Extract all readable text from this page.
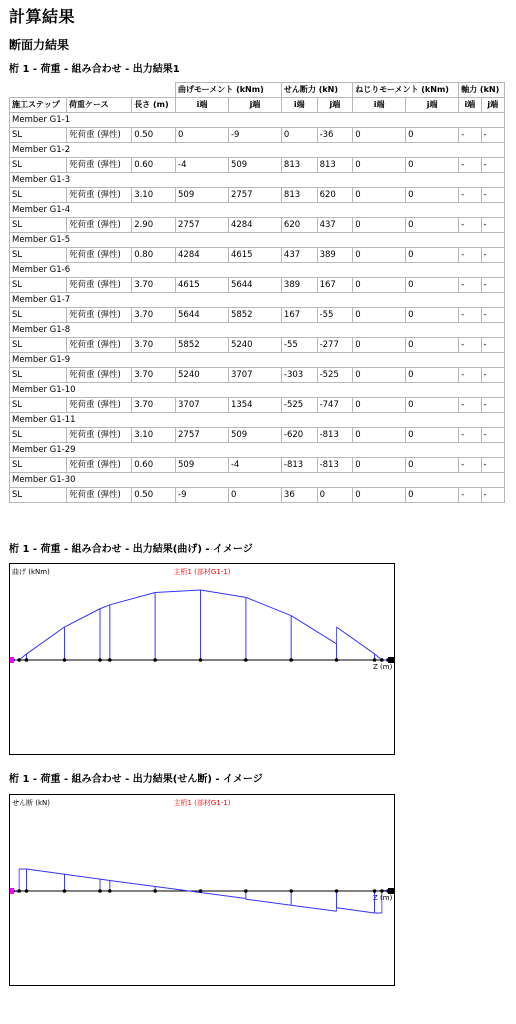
計算結果
断面力結果
桁 1 - 荷重 - 組み合わせ - 出力結果1
			曲げモーメント (kNm)		せん断力 (kN)		ねじりモーメント (kNm)		軸力 (kN)	
施工ステップ	荷重ケース	長さ (m)	i端	j端	i端	j端	i端	j端	i端	j端
Member G1-1										
SL	死荷重 (弾性)	0.50	0	-9	0	-36	0	0	-	-
Member G1-2										
SL	死荷重 (弾性)	0.60	-4	509	813	813	0	0	-	-
Member G1-3										
SL	死荷重 (弾性)	3.10	509	2757	813	620	0	0	-	-
Member G1-4										
SL	死荷重 (弾性)	2.90	2757	4284	620	437	0	0	-	-
Member G1-5										
SL	死荷重 (弾性)	0.80	4284	4615	437	389	0	0	-	-
Member G1-6										
SL	死荷重 (弾性)	3.70	4615	5644	389	167	0	0	-	-
Member G1-7										
SL	死荷重 (弾性)	3.70	5644	5852	167	-55	0	0	-	-
Member G1-8										
SL	死荷重 (弾性)	3.70	5852	5240	-55	-277	0	0	-	-
Member G1-9										
SL	死荷重 (弾性)	3.70	5240	3707	-303	-525	0	0	-	-
Member G1-10										
SL	死荷重 (弾性)	3.70	3707	1354	-525	-747	0	0	-	-
Member G1-11										
SL	死荷重 (弾性)	3.10	2757	509	-620	-813	0	0	-	-
Member G1-29										
SL	死荷重 (弾性)	0.60	509	-4	-813	-813	0	0	-	-
Member G1-30										
SL	死荷重 (弾性)	0.50	-9	0	36	0	0	0	-	-
桁 1 - 荷重 - 組み合わせ - 出力結果(曲げ) - イメージ
曲げ (kNm)	主桁1 (部材G1-1)
Z (m)
桁 1 - 荷重 - 組み合わせ - 出力結果(せん断) - イメージ
せん断 (kN)	主桁1 (部材G1-1)
Z (m)
